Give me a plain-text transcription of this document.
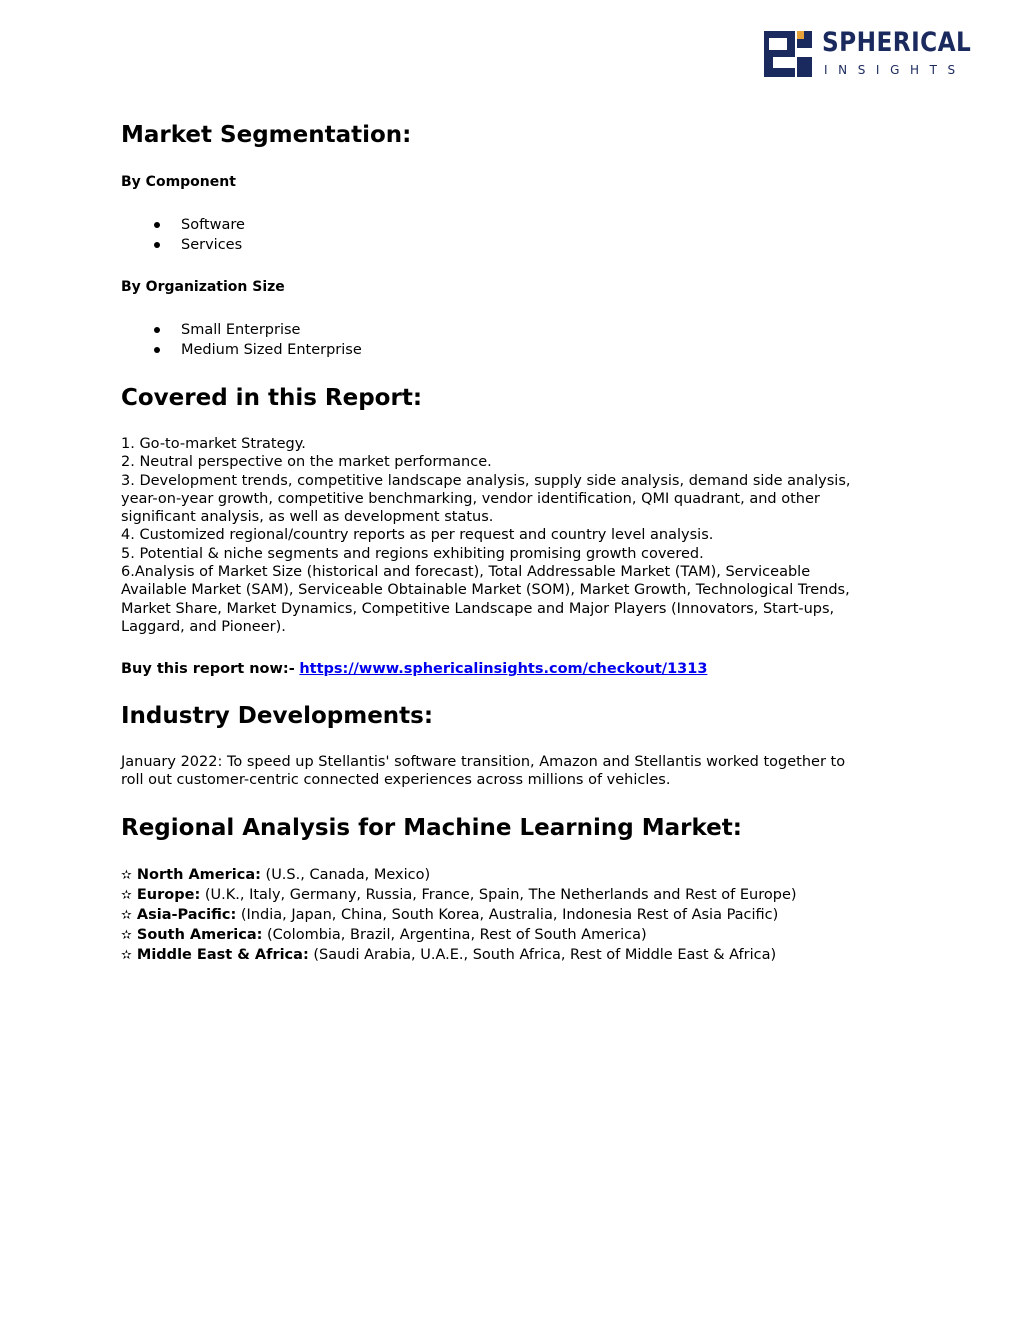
SPHERICAL
INSIGHTS
Market Segmentation:
By Component
Software
Services
By Organization Size
Small Enterprise
Medium Sized Enterprise
Covered in this Report:
1. Go-to-market Strategy.
2. Neutral perspective on the market performance.
3. Development trends, competitive landscape analysis, supply side analysis, demand side analysis,
year-on-year growth, competitive benchmarking, vendor identification, QMI quadrant, and other
significant analysis, as well as development status.
4. Customized regional/country reports as per request and country level analysis.
5. Potential & niche segments and regions exhibiting promising growth covered.
6.Analysis of Market Size (historical and forecast), Total Addressable Market (TAM), Serviceable
Available Market (SAM), Serviceable Obtainable Market (SOM), Market Growth, Technological Trends,
Market Share, Market Dynamics, Competitive Landscape and Major Players (Innovators, Start-ups,
Laggard, and Pioneer).
Buy this report now:- https://www.sphericalinsights.com/checkout/1313
Industry Developments:
January 2022: To speed up Stellantis' software transition, Amazon and Stellantis worked together to
roll out customer-centric connected experiences across millions of vehicles.
Regional Analysis for Machine Learning Market:
✫ North America: (U.S., Canada, Mexico)
✫ Europe: (U.K., Italy, Germany, Russia, France, Spain, The Netherlands and Rest of Europe)
✫ Asia-Pacific: (India, Japan, China, South Korea, Australia, Indonesia Rest of Asia Pacific)
✫ South America: (Colombia, Brazil, Argentina, Rest of South America)
✫ Middle East & Africa: (Saudi Arabia, U.A.E., South Africa, Rest of Middle East & Africa)
